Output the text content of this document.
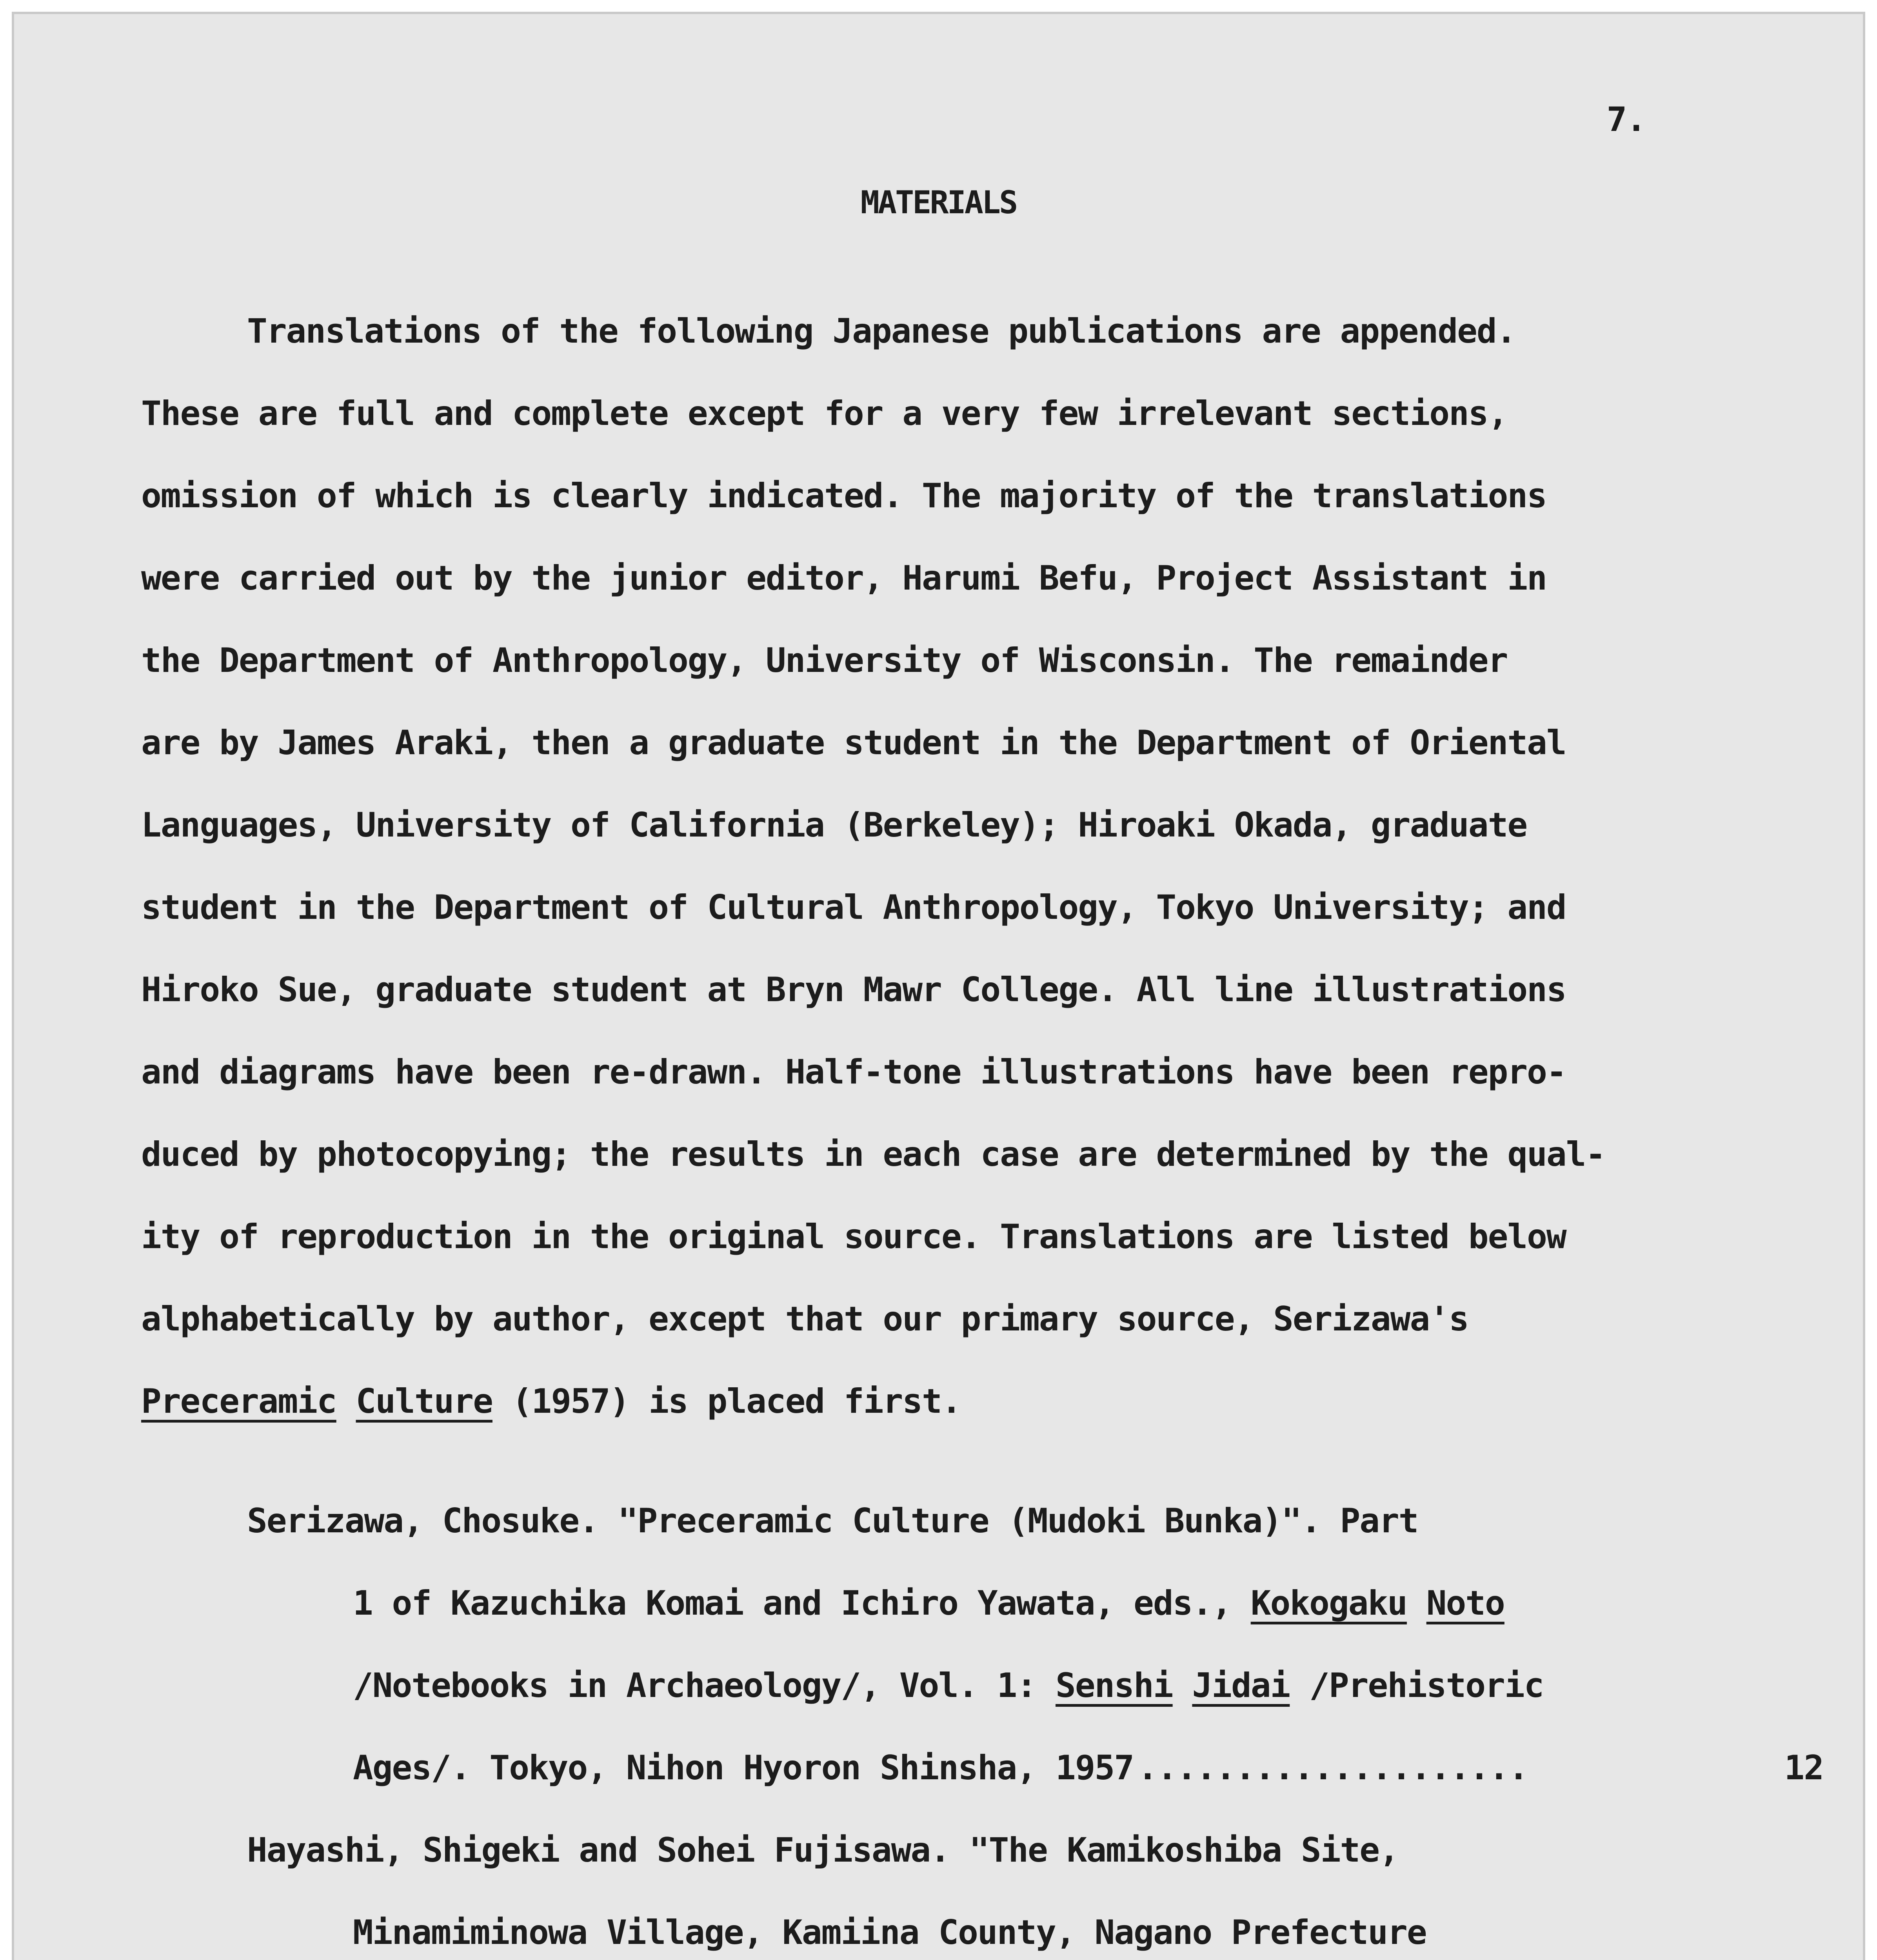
7.
MATERIALS
Translations of the following Japanese publications are appended.
These are full and complete except for a very few irrelevant sections,
omission of which is clearly indicated. The majority of the translations
were carried out by the junior editor, Harumi Befu, Project Assistant in
the Department of Anthropology, University of Wisconsin. The remainder
are by James Araki, then a graduate student in the Department of Oriental
Languages, University of California (Berkeley); Hiroaki Okada, graduate
student in the Department of Cultural Anthropology, Tokyo University; and
Hiroko Sue, graduate student at Bryn Mawr College. All line illustrations
and diagrams have been re-drawn. Half-tone illustrations have been repro-
duced by photocopying; the results in each case are determined by the qual-
ity of reproduction in the original source. Translations are listed below
alphabetically by author, except that our primary source, Serizawa's
Preceramic Culture (1957) is placed first.
Serizawa, Chosuke. "Preceramic Culture (Mudoki Bunka)". Part
1 of Kazuchika Komai and Ichiro Yawata, eds., Kokogaku Noto
/Notebooks in Archaeology/, Vol. 1: Senshi Jidai /Prehistoric
Ages/. Tokyo, Nihon Hyoron Shinsha, 1957 ....................	12
Hayashi, Shigeki and Sohei Fujisawa. "The Kamikoshiba Site,
Minamiminowa Village, Kamiina County, Nagano Prefecture
